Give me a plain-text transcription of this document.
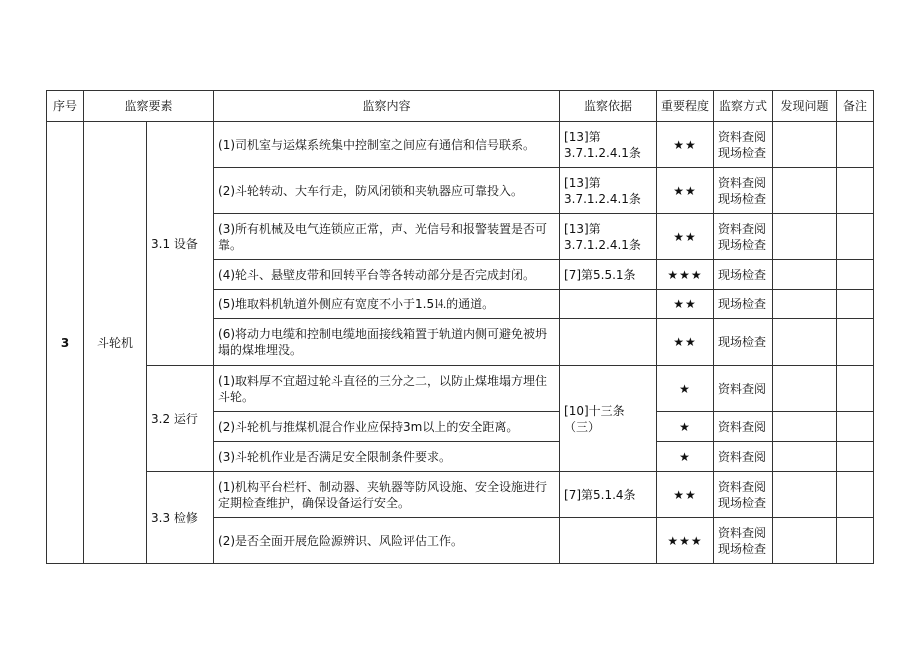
序号	监察要素		监察内容	监察依据	重要程度	监察方式	发现问题	备注
3	斗轮机	3.1 设备	(1)司机室与运煤系统集中控制室之间应有通信和信号联系。	[13]第3.7.1.2.4.1条	★★	资料查阅现场检查		
			(2)斗轮转动、大车行走，防风闭锁和夹轨器应可靠投入。	[13]第3.7.1.2.4.1条	★★	资料查阅现场检查		
			(3)所有机械及电气连锁应正常，声、光信号和报警装置是否可靠。	[13]第3.7.1.2.4.1条	★★	资料查阅现场检查		
			(4)轮斗、悬壁皮带和回转平台等各转动部分是否完成封闭。	[7]第5.5.1条	★★★	现场检查		
			(5)堆取料机轨道外侧应有宽度不小于1.5⒕的通道。		★★	现场检查		
			(6)将动力电缆和控制电缆地面接线箱置于轨道内侧可避免被坍塌的煤堆埋没。		★★	现场检查		
		3.2 运行	(1)取料厚不宜超过轮斗直径的三分之二，以防止煤堆塌方埋住斗轮。	[10]十三条（三）	★	资料查阅		
			(2)斗轮机与推煤机混合作业应保持3m以上的安全距离。		★	资料查阅		
			(3)斗轮机作业是否满足安全限制条件要求。		★	资料查阅		
		3.3 检修	(1)机构平台栏杆、制动器、夹轨器等防风设施、安全设施进行定期检查维护，确保设备运行安全。	[7]第5.1.4条	★★	资料查阅现场检查		
			(2)是否全面开展危险源辨识、风险评估工作。		★★★	资料查阅现场检查		
